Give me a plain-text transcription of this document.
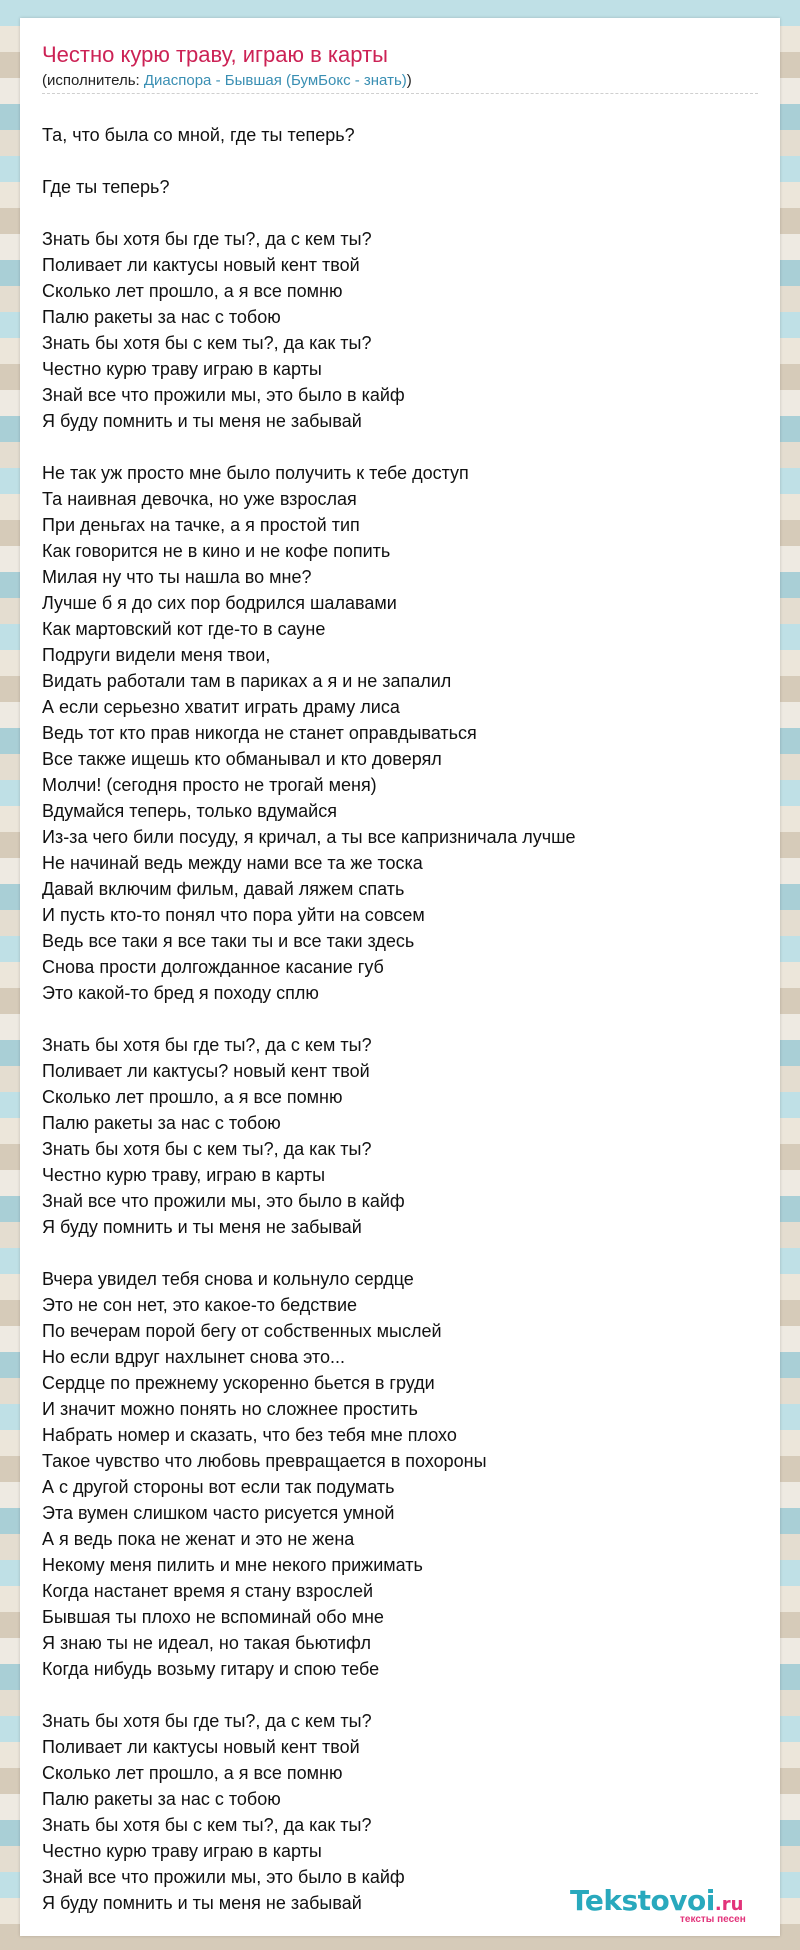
Честно курю траву, играю в карты
(исполнитель: Диаспора - Бывшая (БумБокс - знать))
Та, что была со мной, где ты теперь?
Где ты теперь?
Знать бы хотя бы где ты?, да с кем ты?
Поливает ли кактусы новый кент твой
Сколько лет прошло, а я все помню
Палю ракеты за нас с тобою
Знать бы хотя бы с кем ты?, да как ты?
Честно курю траву играю в карты
Знай все что прожили мы, это было в кайф
Я буду помнить и ты меня не забывай
Не так уж просто мне было получить к тебе доступ
Та наивная девочка, но уже взрослая
При деньгах на тачке, а я простой тип
Как говорится не в кино и не кофе попить
Милая ну что ты нашла во мне?
Лучше б я до сих пор бодрился шалавами
Как мартовский кот где-то в сауне
Подруги видели меня твои,
Видать работали там в париках а я и не запалил
А если серьезно хватит играть драму лиса
Ведь тот кто прав никогда не станет оправдываться
Все также ищешь кто обманывал и кто доверял
Молчи! (сегодня просто не трогай меня)
Вдумайся теперь, только вдумайся
Из-за чего били посуду, я кричал, а ты все капризничала лучше
Не начинай ведь между нами все та же тоска
Давай включим фильм, давай ляжем спать
И пусть кто-то понял что пора уйти на совсем
Ведь все таки я все таки ты и все таки здесь
Снова прости долгожданное касание губ
Это какой-то бред я походу сплю
Знать бы хотя бы где ты?, да с кем ты?
Поливает ли кактусы? новый кент твой
Сколько лет прошло, а я все помню
Палю ракеты за нас с тобою
Знать бы хотя бы с кем ты?, да как ты?
Честно курю траву, играю в карты
Знай все что прожили мы, это было в кайф
Я буду помнить и ты меня не забывай
Вчера увидел тебя снова и кольнуло сердце
Это не сон нет, это какое-то бедствие
По вечерам порой бегу от собственных мыслей
Но если вдруг нахлынет снова это...
Сердце по прежнему ускоренно бьется в груди
И значит можно понять но сложнее простить
Набрать номер и сказать, что без тебя мне плохо
Такое чувство что любовь превращается в похороны
А с другой стороны вот если так подумать
Эта вумен слишком часто рисуется умной
А я ведь пока не женат и это не жена
Некому меня пилить и мне некого прижимать
Когда настанет время я стану взрослей
Бывшая ты плохо не вспоминай обо мне
Я знаю ты не идеал, но такая бьютифл
Когда нибудь возьму гитару и спою тебе
Знать бы хотя бы где ты?, да с кем ты?
Поливает ли кактусы новый кент твой
Сколько лет прошло, а я все помню
Палю ракеты за нас с тобою
Знать бы хотя бы с кем ты?, да как ты?
Честно курю траву играю в карты
Знай все что прожили мы, это было в кайф
Я буду помнить и ты меня не забывай	Tekstovoi.ru
тексты песен
